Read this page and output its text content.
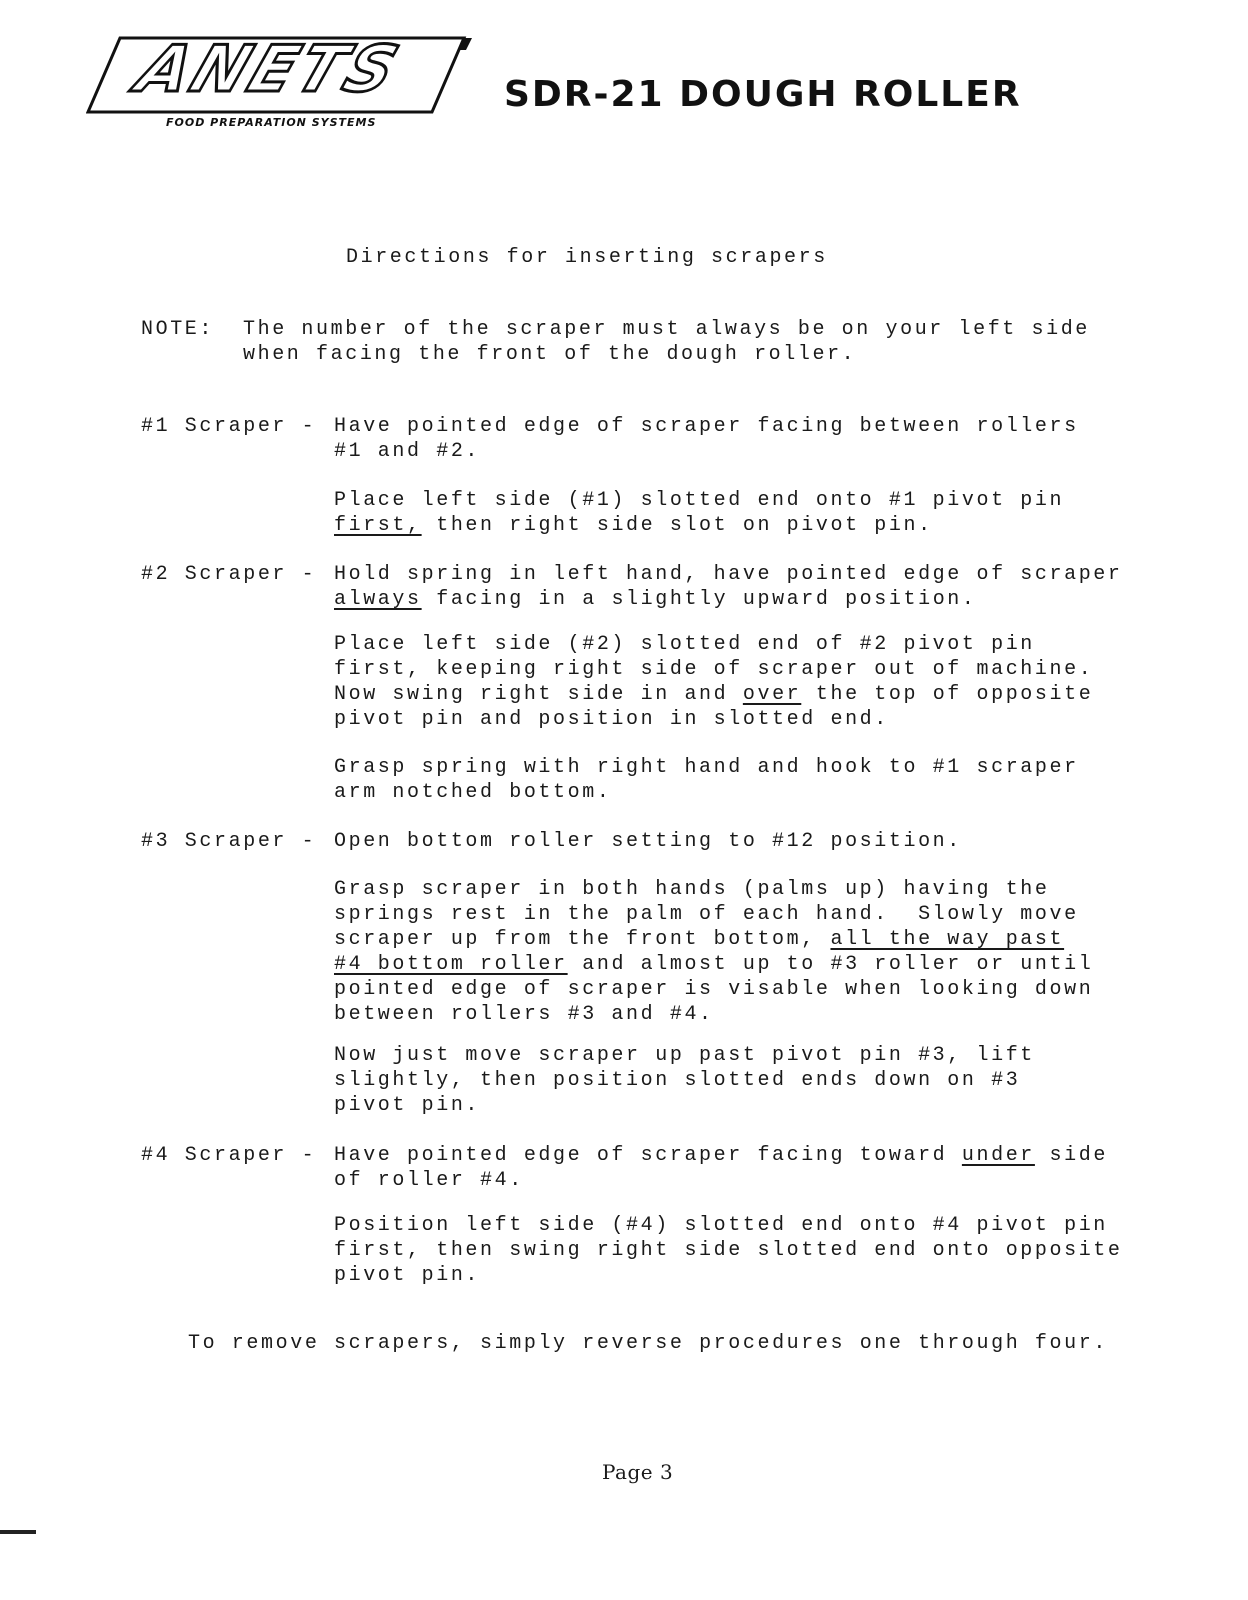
ANETS
FOOD PREPARATION SYSTEMS
SDR-21 DOUGH ROLLER
Directions for inserting scrapers
NOTE: The number of the scraper must always be on your left side
when facing the front of the dough roller.
#1 Scraper - Have pointed edge of scraper facing between rollers
#1 and #2.
Place left side (#1) slotted end onto #1 pivot pin
first, then right side slot on pivot pin.
#2 Scraper - Hold spring in left hand, have pointed edge of scraper
always facing in a slightly upward position.
Place left side (#2) slotted end of #2 pivot pin
first, keeping right side of scraper out of machine.
Now swing right side in and over the top of opposite
pivot pin and position in slotted end.
Grasp spring with right hand and hook to #1 scraper
arm notched bottom.
#3 Scraper - Open bottom roller setting to #12 position.
Grasp scraper in both hands (palms up) having the
springs rest in the palm of each hand.  Slowly move
scraper up from the front bottom, all the way past
#4 bottom roller and almost up to #3 roller or until
pointed edge of scraper is visable when looking down
between rollers #3 and #4.
Now just move scraper up past pivot pin #3, lift
slightly, then position slotted ends down on #3
pivot pin.
#4 Scraper - Have pointed edge of scraper facing toward under side
of roller #4.
Position left side (#4) slotted end onto #4 pivot pin
first, then swing right side slotted end onto opposite
pivot pin.
To remove scrapers, simply reverse procedures one through four.
Page 3
